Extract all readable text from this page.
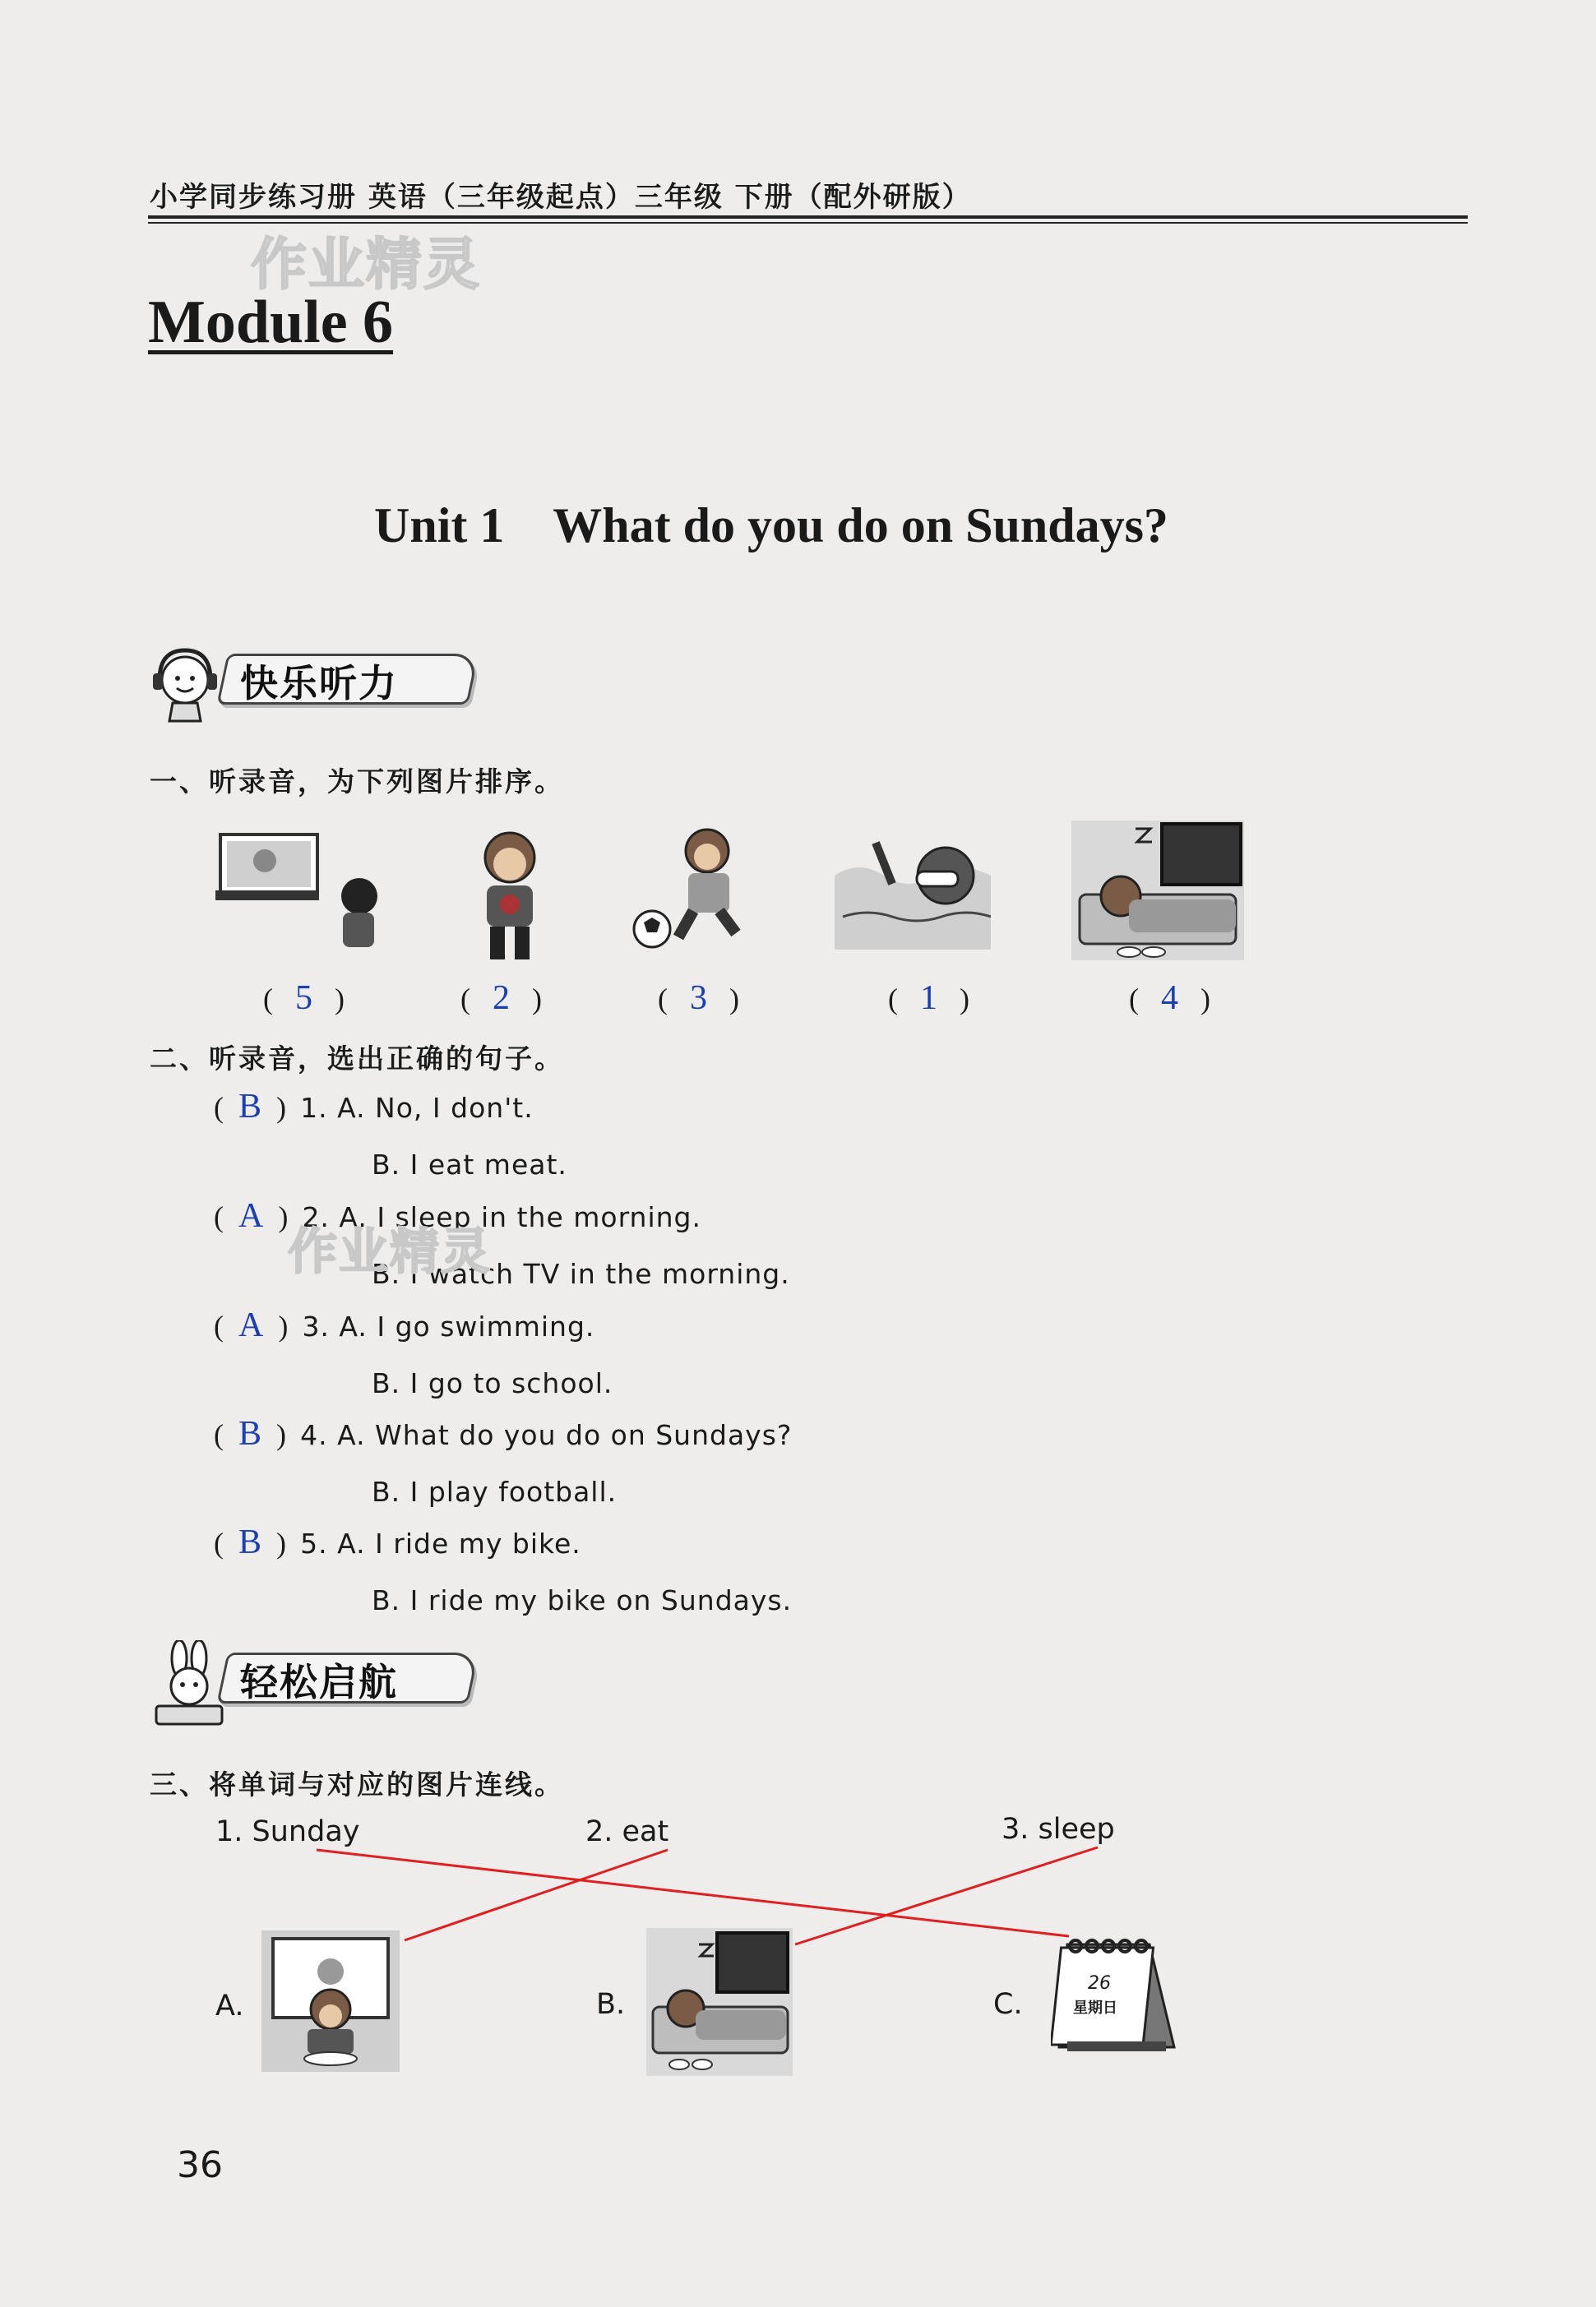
小学同步练习册 英语（三年级起点）三年级 下册（配外研版）
作业精灵
Module 6
Unit 1    What do you do on Sundays?
快乐听力
一、听录音，为下列图片排序。
(   5   )	(   2   )	(   3   )	(   1   )	(   4   )
二、听录音，选出正确的句子。
(  B  ) 1. A. No, I don't.
B. I eat meat.
(  A  ) 2. A. I sleep in the morning.
B. I watch TV in the morning.
作业精灵
(  A  ) 3. A. I go swimming.
B. I go to school.
(  B  ) 4. A. What do you do on Sundays?
B. I play football.
(  B  ) 5. A. I ride my bike.
B. I ride my bike on Sundays.
轻松启航
三、将单词与对应的图片连线。
1. Sunday	2. eat	3. sleep
A.	B.	C.
26
星期日
36
